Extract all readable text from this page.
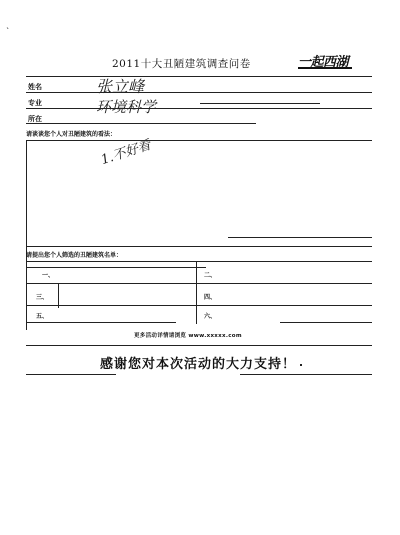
`
2011十大丑陋建筑调查问卷	一起西湖
姓名	张立峰
专业	环境科学
所在
请谈谈您个人对丑陋建筑的看法：
1.不好看
请提出您个人筛选的丑陋建筑名单：
一、	二、
三、	四、
五、	六、
更多活动详情请浏览 www.xxxxx.com
感谢您对本次活动的大力支持！
